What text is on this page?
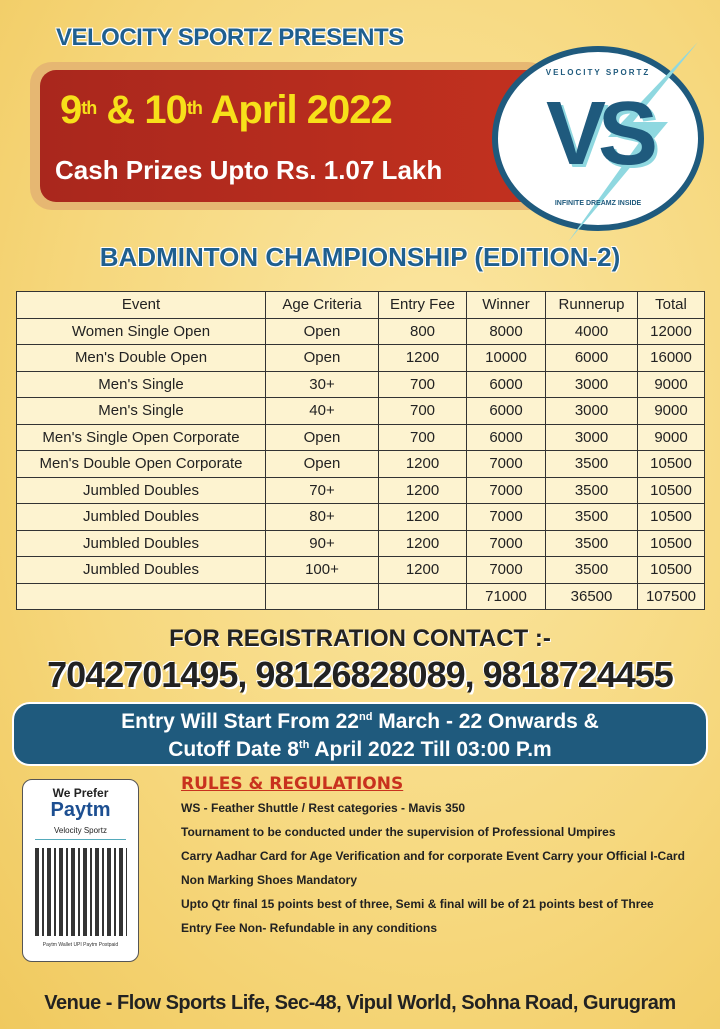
VELOCITY SPORTZ PRESENTS
9th & 10th April 2022
Cash Prizes Upto Rs. 1.07 Lakh
VELOCITY SPORTZ
VS
INFINITE DREAMZ INSIDE
BADMINTON CHAMPIONSHIP (EDITION-2)
Event	Age Criteria	Entry Fee	Winner	Runnerup	Total
Women Single Open	Open	800	8000	4000	12000
Men's Double Open	Open	1200	10000	6000	16000
Men's Single	30+	700	6000	3000	9000
Men's Single	40+	700	6000	3000	9000
Men's Single Open Corporate	Open	700	6000	3000	9000
Men's Double Open Corporate	Open	1200	7000	3500	10500
Jumbled Doubles	70+	1200	7000	3500	10500
Jumbled Doubles	80+	1200	7000	3500	10500
Jumbled Doubles	90+	1200	7000	3500	10500
Jumbled Doubles	100+	1200	7000	3500	10500
			71000	36500	107500
FOR REGISTRATION CONTACT :-
7042701495, 98126828089, 9818724455
Entry Will Start From 22nd March - 22 Onwards &
Cutoff Date 8th April 2022 Till 03:00 P.m
We Prefer
Paytm
Velocity Sportz
Paytm Wallet UPI Paytm Postpaid
RULES & REGULATIONS
WS - Feather Shuttle / Rest categories - Mavis 350
Tournament to be conducted under the supervision of Professional Umpires
Carry Aadhar Card for Age Verification and for corporate Event Carry your Official I-Card
Non Marking Shoes Mandatory
Upto Qtr final 15 points best of three, Semi & final will be of 21 points best of Three
Entry Fee Non- Refundable in any conditions
Venue - Flow Sports Life, Sec-48, Vipul World, Sohna Road, Gurugram
